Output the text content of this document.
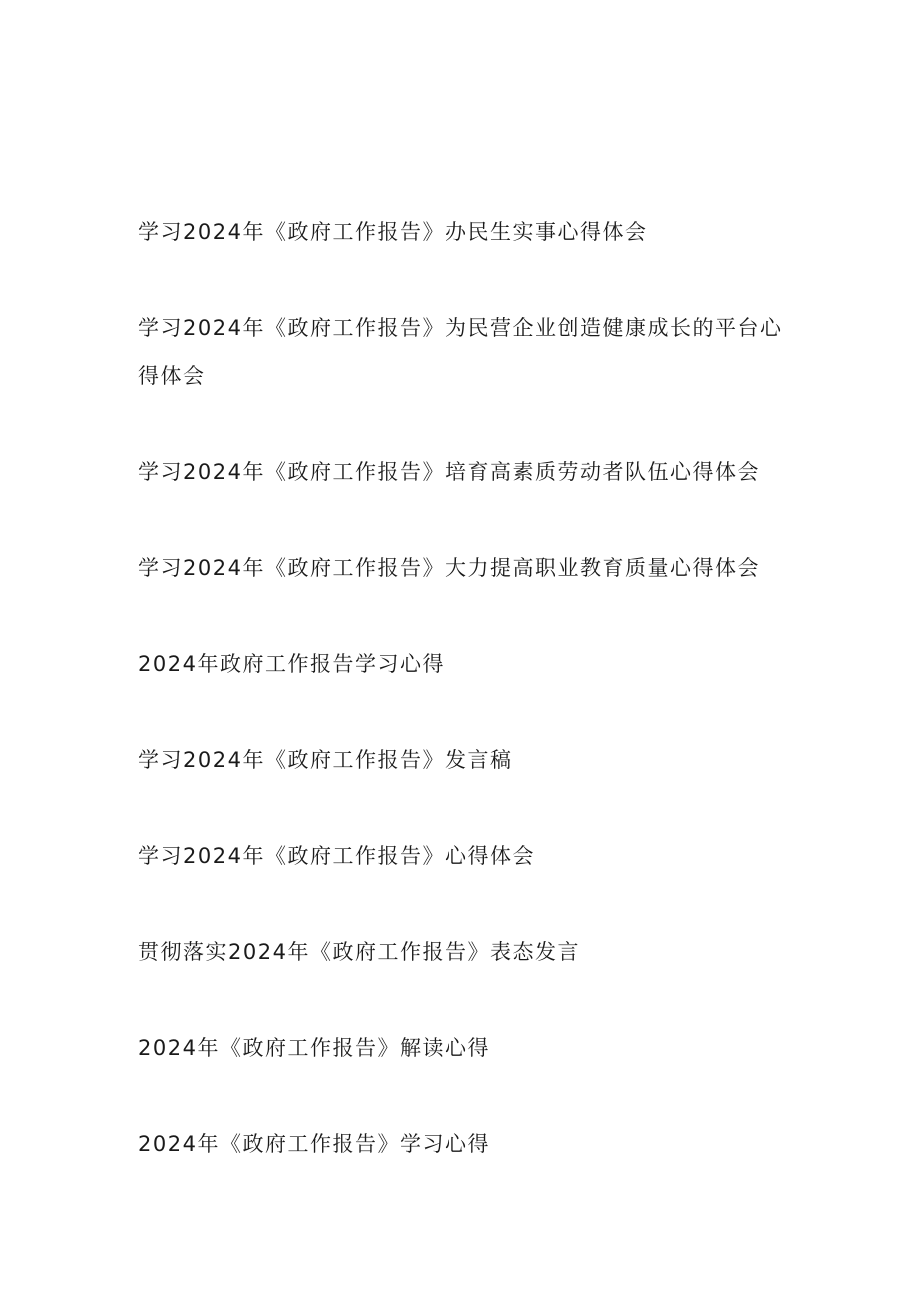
学习2024年《政府工作报告》办民生实事心得体会
学习2024年《政府工作报告》为民营企业创造健康成长的平台心得体会
学习2024年《政府工作报告》培育高素质劳动者队伍心得体会
学习2024年《政府工作报告》大力提高职业教育质量心得体会
2024年政府工作报告学习心得
学习2024年《政府工作报告》发言稿
学习2024年《政府工作报告》心得体会
贯彻落实2024年《政府工作报告》表态发言
2024年《政府工作报告》解读心得
2024年《政府工作报告》学习心得
